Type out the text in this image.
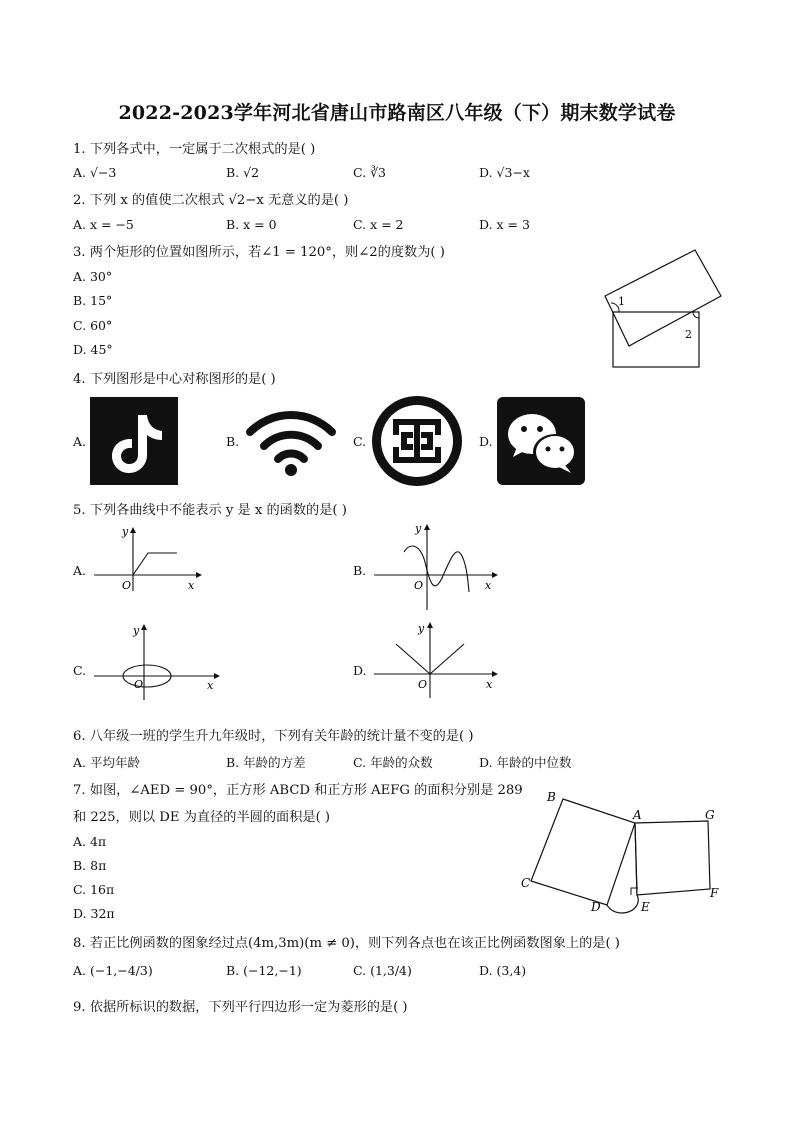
2022-2023学年河北省唐山市路南区八年级（下）期末数学试卷
1. 下列各式中，一定属于二次根式的是( )
A. √−3	B. √2	C. ∛3	D. √3−x
2. 下列 x 的值使二次根式 √2−x 无意义的是( )
A. x = −5	B. x = 0	C. x = 2	D. x = 3
3. 两个矩形的位置如图所示，若∠1 = 120°，则∠2的度数为( )
A. 30°
B. 15°
C. 60°
D. 45°
1
2
4. 下列图形是中心对称图形的是( )
A.	B.	C.	D.
5. 下列各曲线中不能表示 y 是 x 的函数的是( )
A.
y
x
O
B.
y
x
O
C.
y
x
O
D.
y
x
O
6. 八年级一班的学生升九年级时，下列有关年龄的统计量不变的是( )
A. 平均年龄	B. 年龄的方差	C. 年龄的众数	D. 年龄的中位数
7. 如图，∠AED = 90°，正方形 ABCD 和正方形 AEFG 的面积分别是 289
和 225，则以 DE 为直径的半圆的面积是( )
A. 4π
B. 8π
C. 16π
D. 32π
B
A	G
C
D	E
F
8. 若正比例函数的图象经过点(4m,3m)(m ≠ 0)，则下列各点也在该正比例函数图象上的是( )
A. (−1,−4/3)	B. (−12,−1)	C. (1,3/4)	D. (3,4)
9. 依据所标识的数据，下列平行四边形一定为菱形的是( )
